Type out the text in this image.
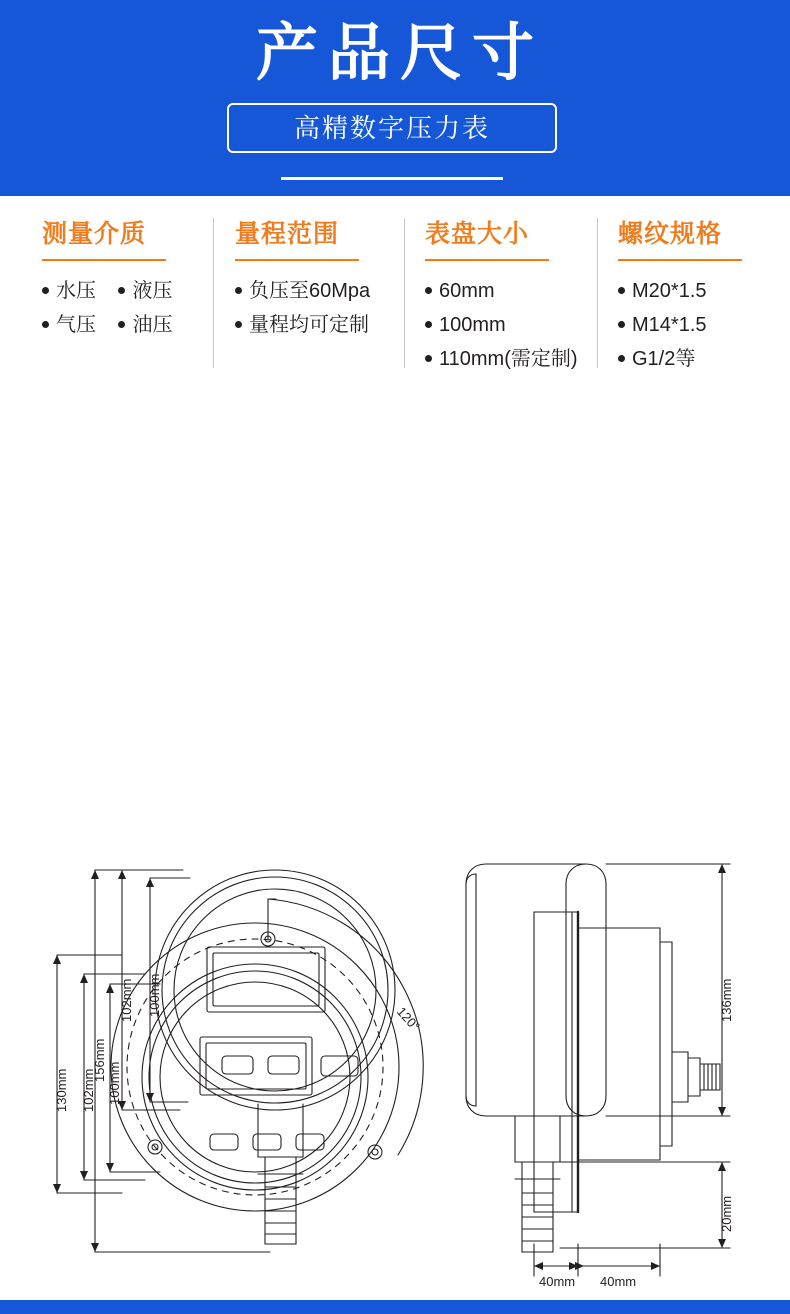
产品尺寸
高精数字压力表
测量介质
水压 液压
气压 油压
量程范围
负压至60Mpa
量程均可定制
表盘大小
60mm
100mm
110mm(需定制)
螺纹规格
M20*1.5
M14*1.5
G1/2等
156mm
102mm 100mm	136mm
20mm
130mm 102mm 100mm
120°
40mm 40mm
